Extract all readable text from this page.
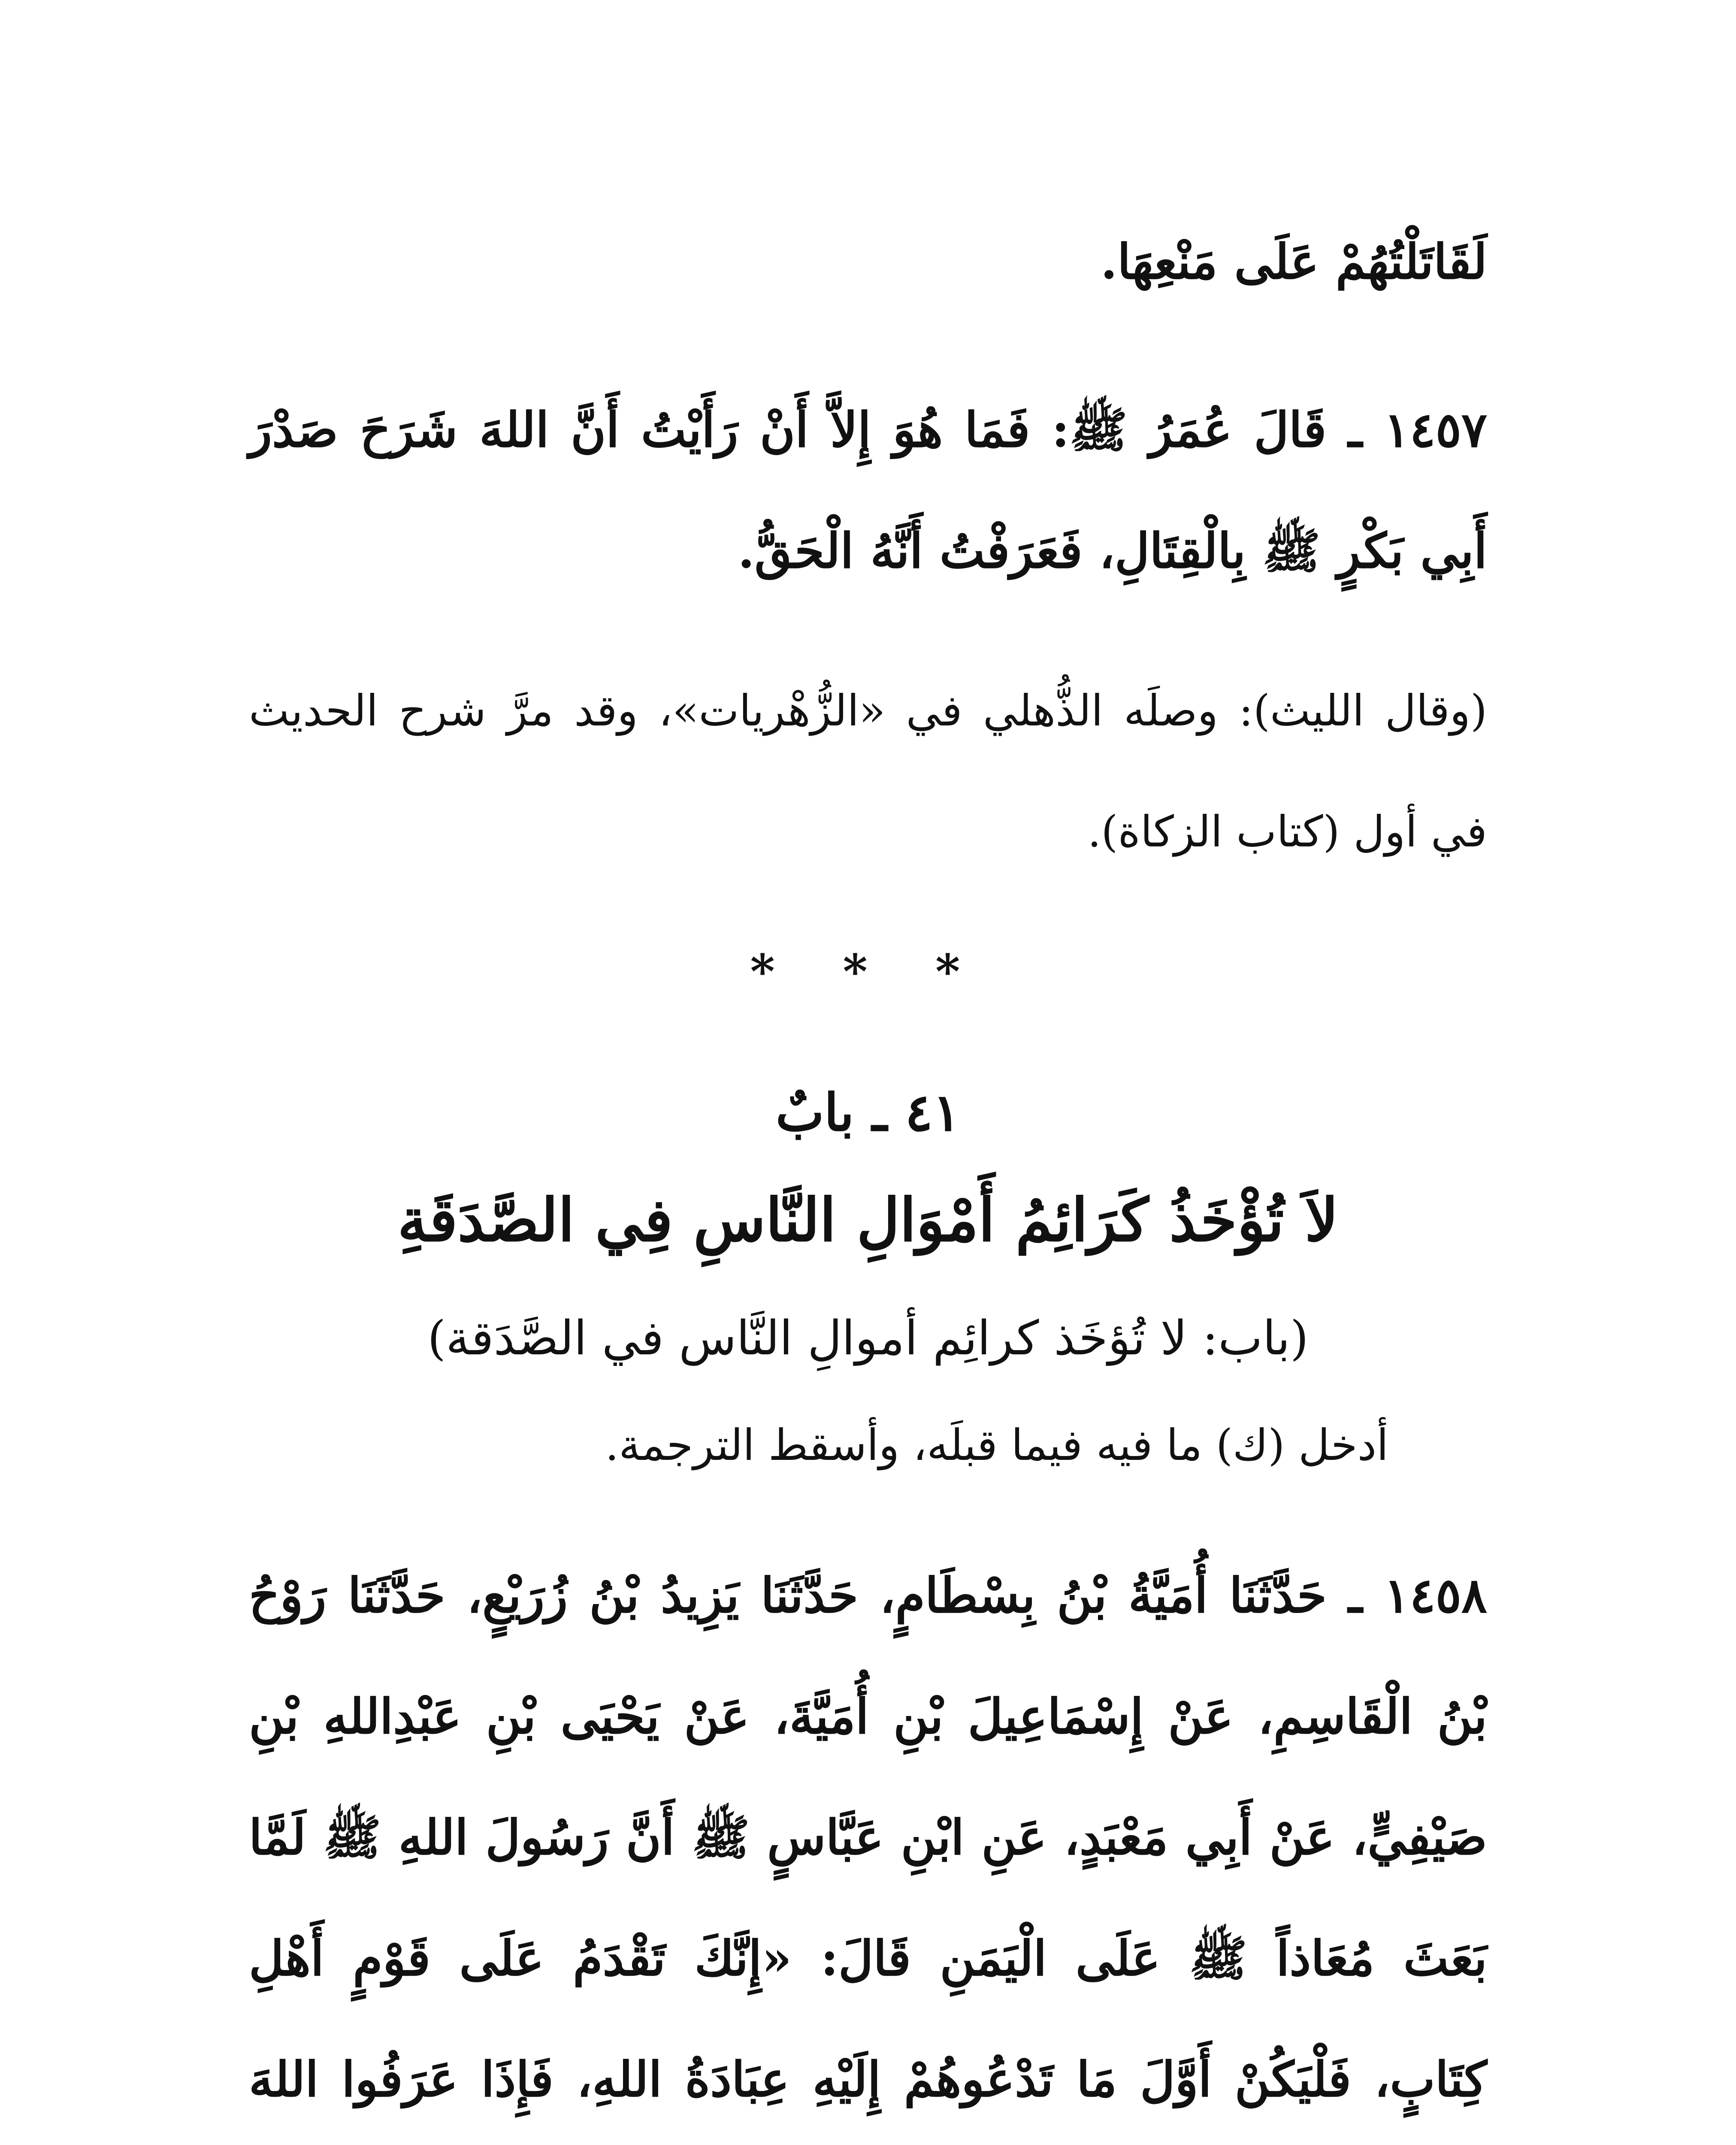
لَقَاتَلْتُهُمْ عَلَى مَنْعِهَا.

١٤٥٧ ـ قَالَ عُمَرُ ﷺ: فَمَا هُوَ إِلاَّ أَنْ رَأَيْتُ أَنَّ اللهَ شَرَحَ صَدْرَ أَبِي بَكْرٍ ﷺ بِالْقِتَالِ، فَعَرَفْتُ أَنَّهُ الْحَقُّ.

(وقال الليث): وصلَه الذُّهلي في «الزُّهْريات»، وقد مرَّ شرح الحديث في أول (كتاب الزكاة).

* * *

٤١ ـ بابٌ

لاَ تُؤْخَذُ كَرَائِمُ أَمْوَالِ النَّاسِ فِي الصَّدَقَةِ

(باب: لا تُؤخَذ كرائِم أموالِ النَّاس في الصَّدَقة)

أدخل (ك) ما فيه فيما قبلَه، وأسقط الترجمة.

١٤٥٨ ـ حَدَّثَنَا أُمَيَّةُ بْنُ بِسْطَامٍ، حَدَّثَنَا يَزِيدُ بْنُ زُرَيْعٍ، حَدَّثَنَا رَوْحُ بْنُ الْقَاسِمِ، عَنْ إِسْمَاعِيلَ بْنِ أُمَيَّةَ، عَنْ يَحْيَى بْنِ عَبْدِاللهِ بْنِ صَيْفِيٍّ، عَنْ أَبِي مَعْبَدٍ، عَنِ ابْنِ عَبَّاسٍ ﷺ أَنَّ رَسُولَ اللهِ ﷺ لَمَّا بَعَثَ مُعَاذاً ﷺ عَلَى الْيَمَنِ قَالَ: «إِنَّكَ تَقْدَمُ عَلَى قَوْمٍ أَهْلِ كِتَابٍ، فَلْيَكُنْ أَوَّلَ مَا تَدْعُوهُمْ إِلَيْهِ عِبَادَةُ اللهِ، فَإِذَا عَرَفُوا اللهَ
